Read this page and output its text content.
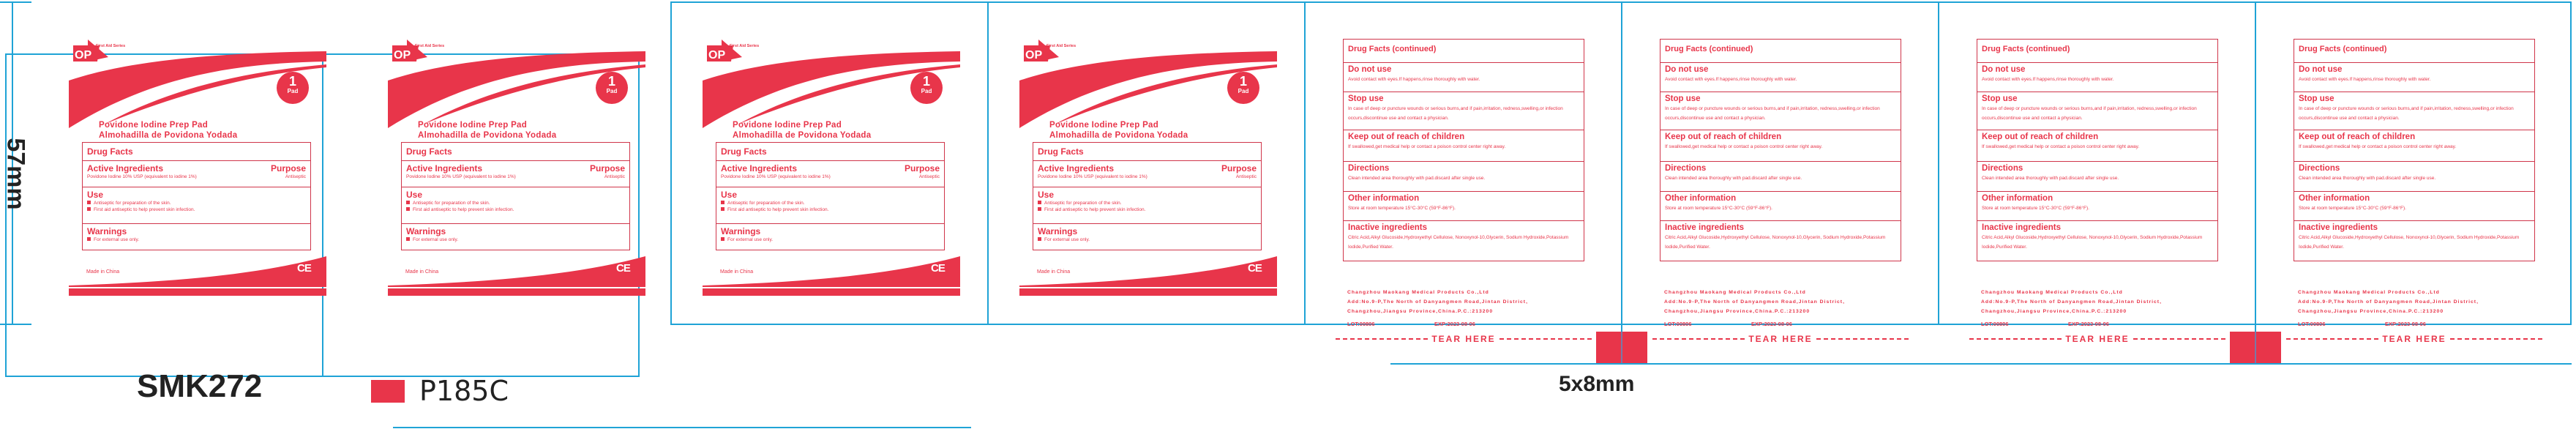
57mm
OP
First Aid Series
1
Pad
Povidone Iodine Prep Pad
Almohadilla de Povidona Yodada
Drug Facts
Active Ingredients
Povidone Iodine 10% USP (equivalent to iodine 1%)
Purpose
Antiseptic
Use
Antiseptic for preparation of the skin.
First aid antiseptic to help prevent skin infection.
Warnings
For external use only.
Made in China	CE
OP
First Aid Series
1
Pad
Povidone Iodine Prep Pad
Almohadilla de Povidona Yodada
Drug Facts
Active Ingredients
Povidone Iodine 10% USP (equivalent to iodine 1%)
Purpose
Antiseptic
Use
Antiseptic for preparation of the skin.
First aid antiseptic to help prevent skin infection.
Warnings
For external use only.
Made in China	CE
SMK272	P185C	5x8mm
OP
First Aid Series
1
Pad
Povidone Iodine Prep Pad
Almohadilla de Povidona Yodada
Drug Facts
Active Ingredients
Povidone Iodine 10% USP (equivalent to iodine 1%)
Purpose
Antiseptic
Use
Antiseptic for preparation of the skin.
First aid antiseptic to help prevent skin infection.
Warnings
For external use only.
Made in China	CE
OP
First Aid Series
1
Pad
Povidone Iodine Prep Pad
Almohadilla de Povidona Yodada
Drug Facts
Active Ingredients
Povidone Iodine 10% USP (equivalent to iodine 1%)
Purpose
Antiseptic
Use
Antiseptic for preparation of the skin.
First aid antiseptic to help prevent skin infection.
Warnings
For external use only.
Made in China	CE
Drug Facts (continued)
Do not use
Avoid contact with eyes.If happens,rinse thoroughly with water.
Stop use
In case of deep or puncture wounds or serious burns,and if pain,irritation, redness,swelling,or infection occurs,discontinue use and contact a physician.
Keep out of reach of children
If swallowed,get medical help or contact a poison control center right away.
Directions
Clean intended area thoroughly with pad.discard after single use.
Other information
Store at room temperature 15°C-30°C (59°F-86°F).
Inactive ingredients
Citric Acid,Alkyl Glucoside,Hydroxyethyl Cellulose, Nonoxynol-10,Glycerin, Sodium Hydroxide,Potassium Iodide,Purified Water.
Changzhou Maokang Medical Products Co.,Ltd
Add:No.9-P,The North of Danyangmen Road,Jintan District,
Changzhou,Jiangsu Province,China.P.C.:213200
LOT:00806	EXP:2023-08-06
TEAR HERE
Drug Facts (continued)
Do not use
Avoid contact with eyes.If happens,rinse thoroughly with water.
Stop use
In case of deep or puncture wounds or serious burns,and if pain,irritation, redness,swelling,or infection occurs,discontinue use and contact a physician.
Keep out of reach of children
If swallowed,get medical help or contact a poison control center right away.
Directions
Clean intended area thoroughly with pad.discard after single use.
Other information
Store at room temperature 15°C-30°C (59°F-86°F).
Inactive ingredients
Citric Acid,Alkyl Glucoside,Hydroxyethyl Cellulose, Nonoxynol-10,Glycerin, Sodium Hydroxide,Potassium Iodide,Purified Water.
Changzhou Maokang Medical Products Co.,Ltd
Add:No.9-P,The North of Danyangmen Road,Jintan District,
Changzhou,Jiangsu Province,China.P.C.:213200
LOT:00806	EXP:2023-08-06
TEAR HERE
Drug Facts (continued)
Do not use
Avoid contact with eyes.If happens,rinse thoroughly with water.
Stop use
In case of deep or puncture wounds or serious burns,and if pain,irritation, redness,swelling,or infection occurs,discontinue use and contact a physician.
Keep out of reach of children
If swallowed,get medical help or contact a poison control center right away.
Directions
Clean intended area thoroughly with pad.discard after single use.
Other information
Store at room temperature 15°C-30°C (59°F-86°F).
Inactive ingredients
Citric Acid,Alkyl Glucoside,Hydroxyethyl Cellulose, Nonoxynol-10,Glycerin, Sodium Hydroxide,Potassium Iodide,Purified Water.
Changzhou Maokang Medical Products Co.,Ltd
Add:No.9-P,The North of Danyangmen Road,Jintan District,
Changzhou,Jiangsu Province,China.P.C.:213200
LOT:00806	EXP:2023-08-06
TEAR HERE
Drug Facts (continued)
Do not use
Avoid contact with eyes.If happens,rinse thoroughly with water.
Stop use
In case of deep or puncture wounds or serious burns,and if pain,irritation, redness,swelling,or infection occurs,discontinue use and contact a physician.
Keep out of reach of children
If swallowed,get medical help or contact a poison control center right away.
Directions
Clean intended area thoroughly with pad.discard after single use.
Other information
Store at room temperature 15°C-30°C (59°F-86°F).
Inactive ingredients
Citric Acid,Alkyl Glucoside,Hydroxyethyl Cellulose, Nonoxynol-10,Glycerin, Sodium Hydroxide,Potassium Iodide,Purified Water.
Changzhou Maokang Medical Products Co.,Ltd
Add:No.9-P,The North of Danyangmen Road,Jintan District,
Changzhou,Jiangsu Province,China.P.C.:213200
LOT:00806	EXP:2023-08-06
TEAR HERE
